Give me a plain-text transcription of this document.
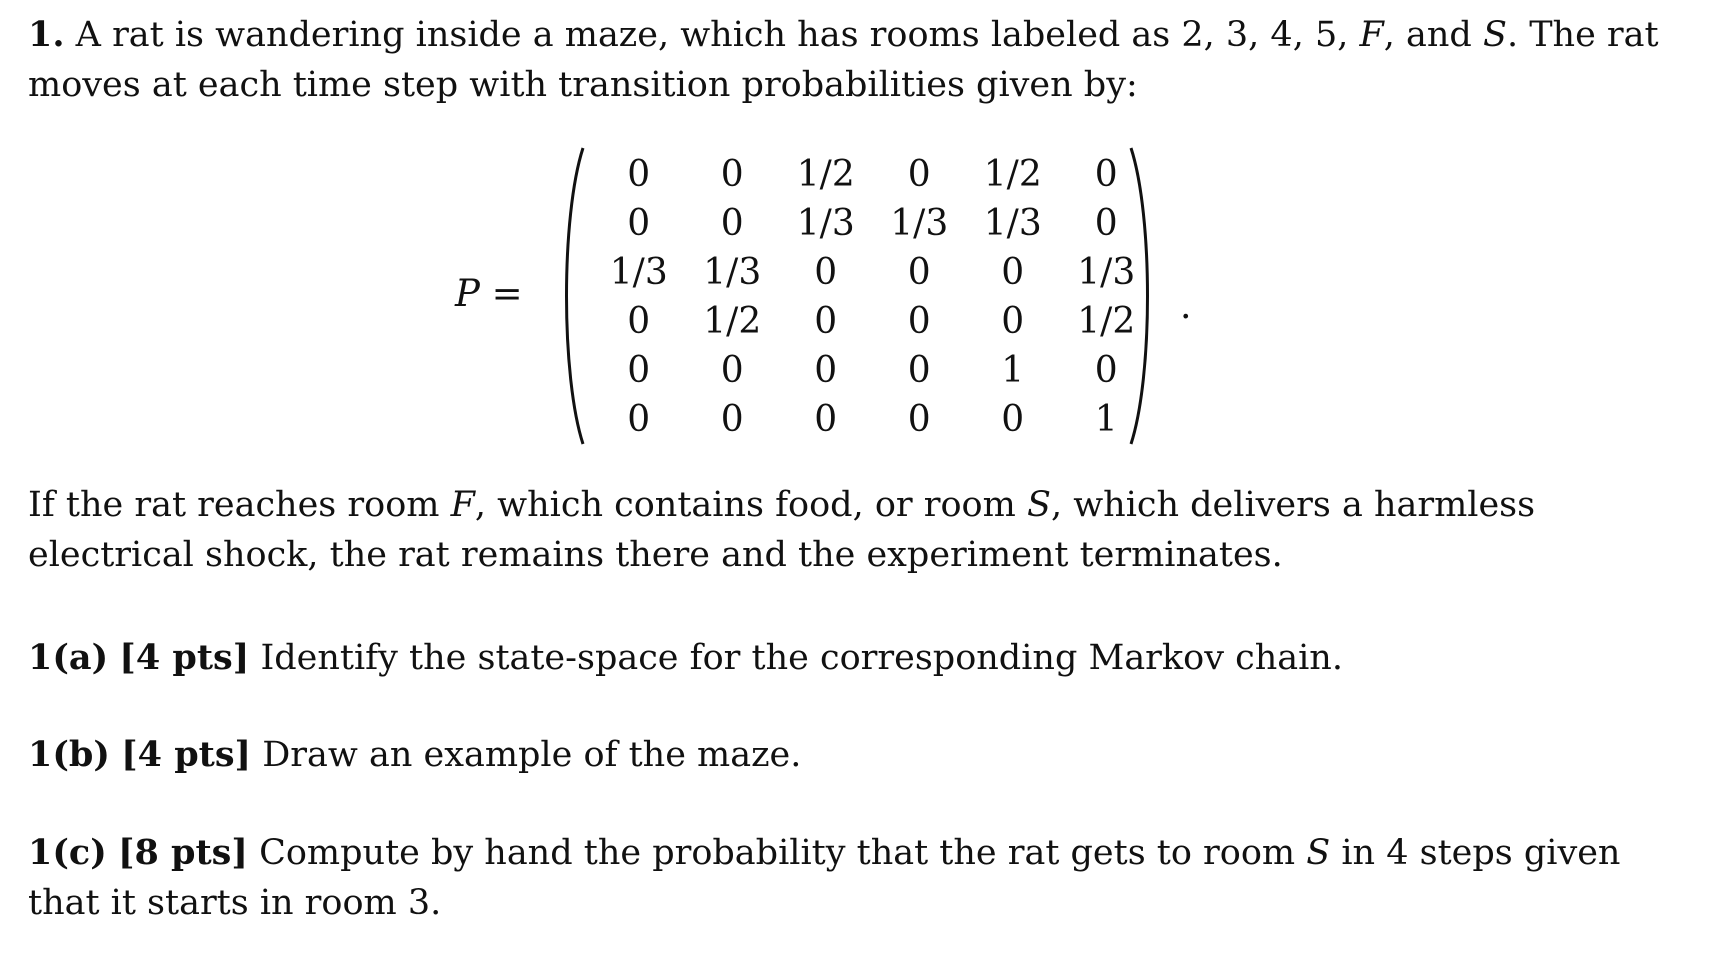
1. A rat is wandering inside a maze, which has rooms labeled as 2, 3, 4, 5, F, and S. The rat moves at each time step with transition probabilities given by:

P =
0	0	1/2	0	1/2	0
0	0	1/3 1/3 1/3	0
1/3 1/3	0	0	0	1/3
0	1/2	0	0	0	1/2
0	0	0	0	1	0
0	0	0	0	0	1
.

If the rat reaches room F, which contains food, or room S, which delivers a harmless electrical shock, the rat remains there and the experiment terminates.

1(a) [4 pts] Identify the state-space for the corresponding Markov chain.

1(b) [4 pts] Draw an example of the maze.

1(c) [8 pts] Compute by hand the probability that the rat gets to room S in 4 steps given that it starts in room 3.
